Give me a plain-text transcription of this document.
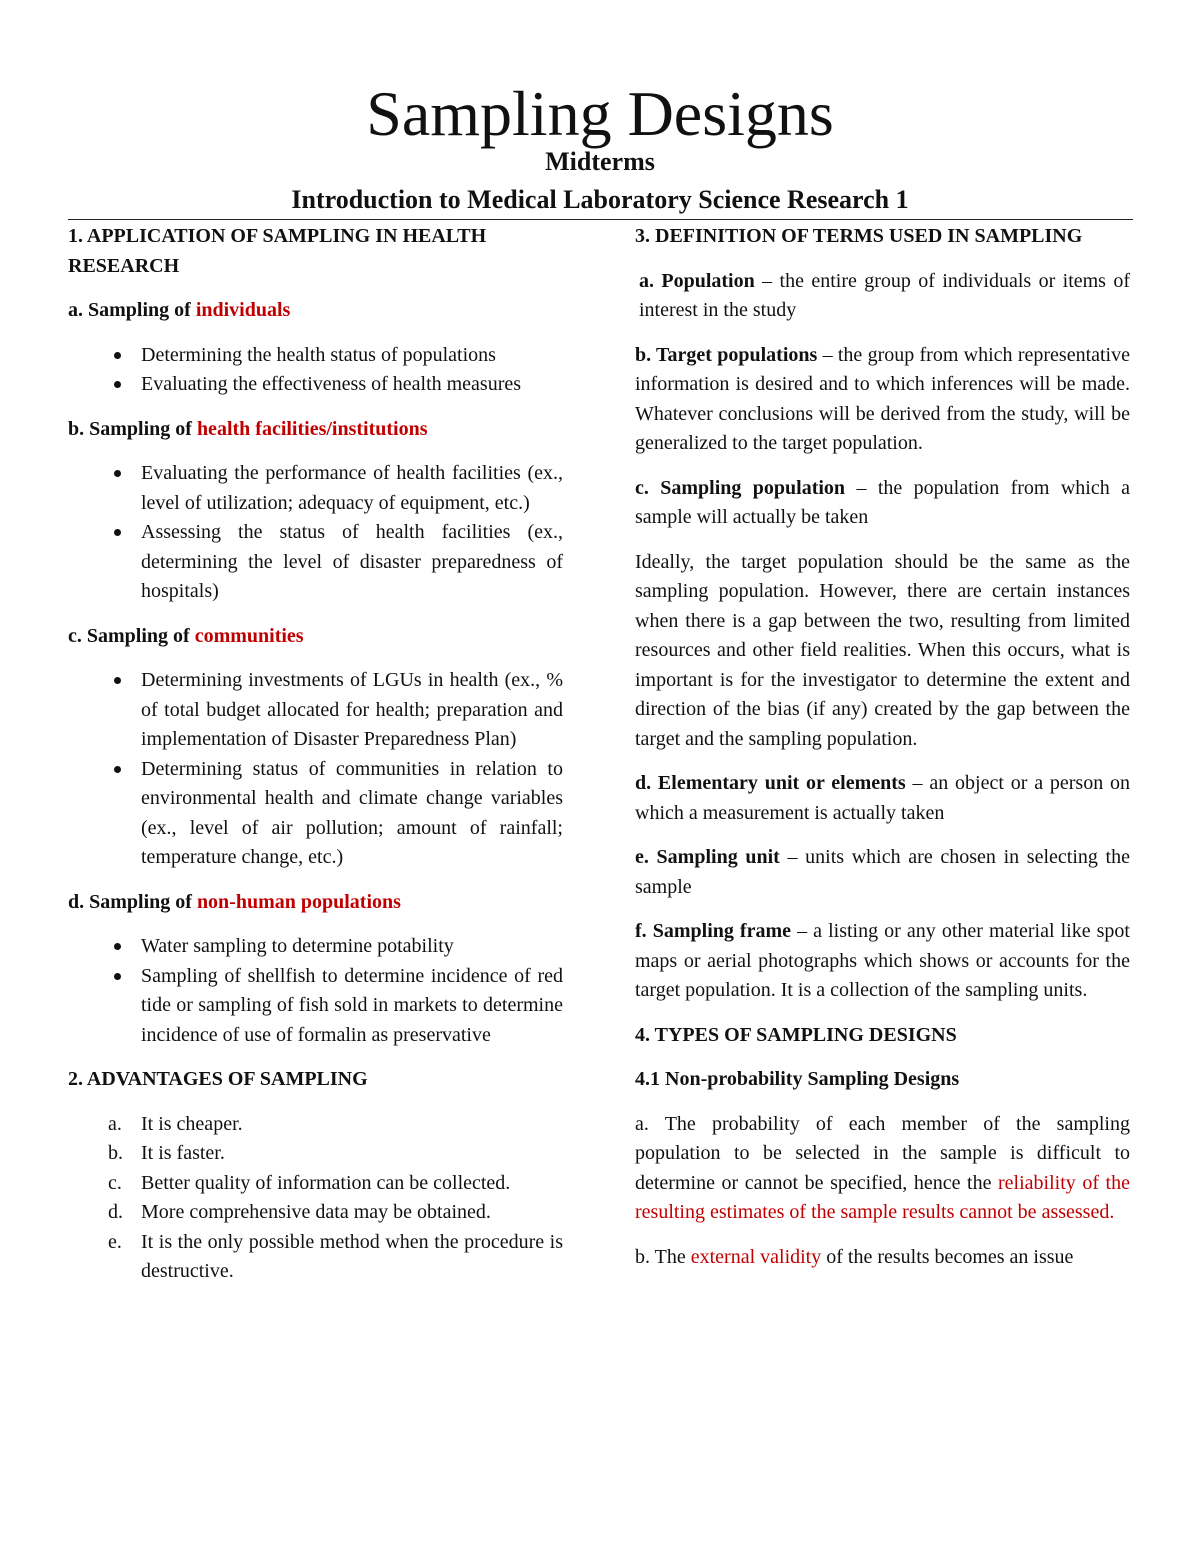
Sampling Designs
Midterms
Introduction to Medical Laboratory Science Research 1

1. APPLICATION OF SAMPLING IN HEALTH RESEARCH

a. Sampling of individuals

Determining the health status of populations
Evaluating the effectiveness of health measures

b. Sampling of health facilities/institutions

Evaluating the performance of health facilities (ex., level of utilization; adequacy of equipment, etc.)
Assessing the status of health facilities (ex., determining the level of disaster preparedness of hospitals)

c. Sampling of communities

Determining investments of LGUs in health (ex., % of total budget allocated for health; preparation and implementation of Disaster Preparedness Plan)
Determining status of communities in relation to environmental health and climate change variables (ex., level of air pollution; amount of rainfall; temperature change, etc.)

d. Sampling of non-human populations

Water sampling to determine potability
Sampling of shellfish to determine incidence of red tide or sampling of fish sold in markets to determine incidence of use of formalin as preservative

2. ADVANTAGES OF SAMPLING

a. It is cheaper.
b. It is faster.
c. Better quality of information can be collected.
d. More comprehensive data may be obtained.
e. It is the only possible method when the procedure is destructive.

3. DEFINITION OF TERMS USED IN SAMPLING

a. Population – the entire group of individuals or items of interest in the study

b. Target populations – the group from which representative information is desired and to which inferences will be made. Whatever conclusions will be derived from the study, will be generalized to the target population.

c. Sampling population – the population from which a sample will actually be taken

Ideally, the target population should be the same as the sampling population. However, there are certain instances when there is a gap between the two, resulting from limited resources and other field realities. When this occurs, what is important is for the investigator to determine the extent and direction of the bias (if any) created by the gap between the target and the sampling population.

d. Elementary unit or elements – an object or a person on which a measurement is actually taken

e. Sampling unit – units which are chosen in selecting the sample

f. Sampling frame – a listing or any other material like spot maps or aerial photographs which shows or accounts for the target population. It is a collection of the sampling units.

4. TYPES OF SAMPLING DESIGNS

4.1 Non-probability Sampling Designs

a. The probability of each member of the sampling population to be selected in the sample is difficult to determine or cannot be specified, hence the reliability of the resulting estimates of the sample results cannot be assessed.

b. The external validity of the results becomes an issue
